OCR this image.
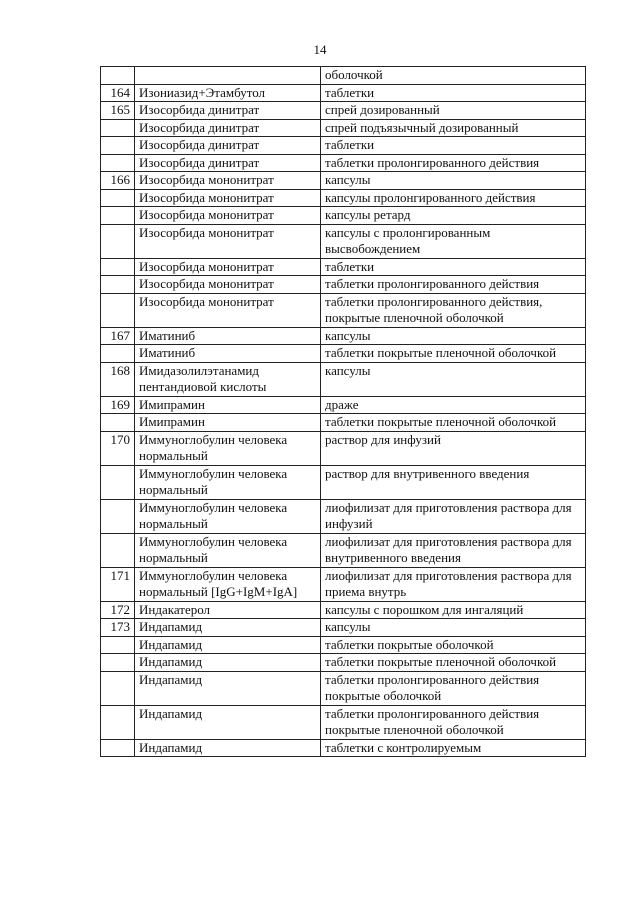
14
		оболочкой
164	Изониазид+Этамбутол	таблетки
165	Изосорбида динитрат	спрей дозированный
	Изосорбида динитрат	спрей подъязычный дозированный
	Изосорбида динитрат	таблетки
	Изосорбида динитрат	таблетки пролонгированного действия
166	Изосорбида мононитрат	капсулы
	Изосорбида мононитрат	капсулы пролонгированного действия
	Изосорбида мононитрат	капсулы ретард
	Изосорбида мононитрат	капсулы с пролонгированным высвобождением
	Изосорбида мононитрат	таблетки
	Изосорбида мононитрат	таблетки пролонгированного действия
	Изосорбида мононитрат	таблетки пролонгированного действия, покрытые пленочной оболочкой
167	Иматиниб	капсулы
	Иматиниб	таблетки покрытые пленочной оболочкой
168	Имидазолилэтанамид пентандиовой кислоты	капсулы
169	Имипрамин	драже
	Имипрамин	таблетки покрытые пленочной оболочкой
170	Иммуноглобулин человека нормальный	раствор для инфузий
	Иммуноглобулин человека нормальный	раствор для внутривенного введения
	Иммуноглобулин человека нормальный	лиофилизат для приготовления раствора для инфузий
	Иммуноглобулин человека нормальный	лиофилизат для приготовления раствора для внутривенного введения
171	Иммуноглобулин человека нормальный [IgG+IgM+IgA]	лиофилизат для приготовления раствора для приема внутрь
172	Индакатерол	капсулы с порошком для ингаляций
173	Индапамид	капсулы
	Индапамид	таблетки покрытые оболочкой
	Индапамид	таблетки покрытые пленочной оболочкой
	Индапамид	таблетки пролонгированного действия покрытые оболочкой
	Индапамид	таблетки пролонгированного действия покрытые пленочной оболочкой
	Индапамид	таблетки с контролируемым
